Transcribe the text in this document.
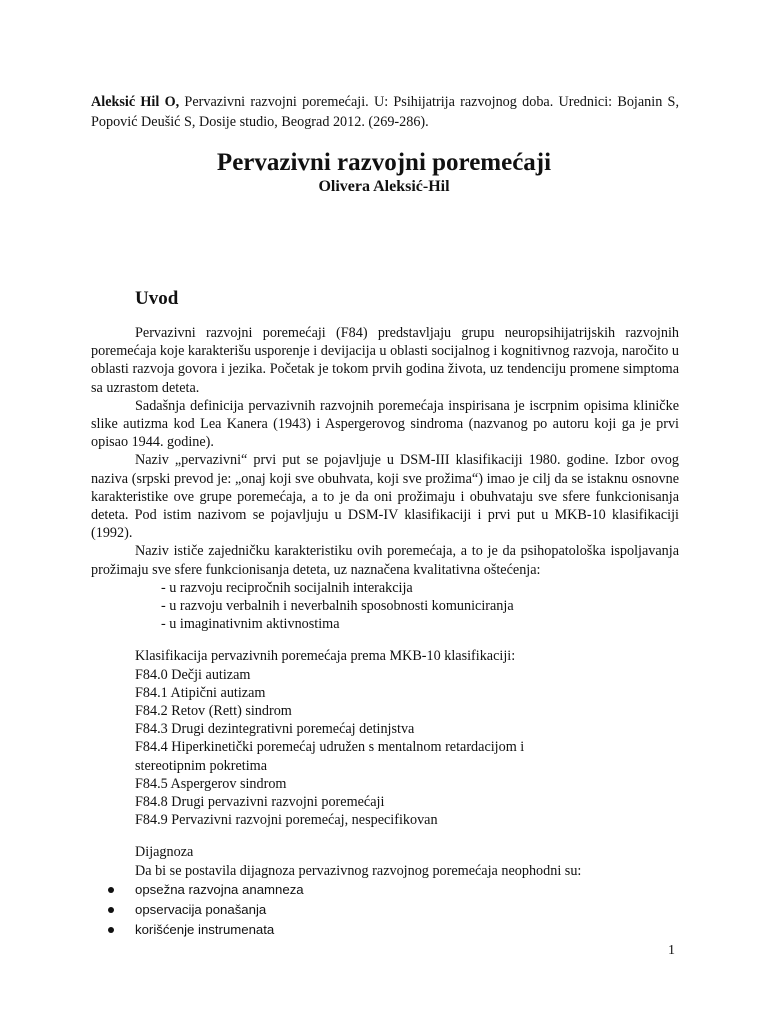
Aleksić Hil O, Pervazivni razvojni poremećaji. U: Psihijatrija razvojnog doba. Urednici: Bojanin S, Popović Deušić S, Dosije studio, Beograd 2012. (269-286).
Pervazivni razvojni poremećaji
Olivera Aleksić-Hil
Uvod

Pervazivni razvojni poremećaji (F84) predstavljaju grupu neuropsihijatrijskih razvojnih poremećaja koje karakterišu usporenje i devijacija u oblasti socijalnog i kognitivnog razvoja, naročito u oblasti razvoja govora i jezika. Početak je tokom prvih godina života, uz tendenciju promene simptoma sa uzrastom deteta.

Sadašnja definicija pervazivnih razvojnih poremećaja inspirisana je iscrpnim opisima kliničke slike autizma kod Lea Kanera (1943) i Aspergerovog sindroma (nazvanog po autoru koji ga je prvi opisao 1944. godine).

Naziv „pervazivni“ prvi put se pojavljuje u DSM-III klasifikaciji 1980. godine. Izbor ovog naziva (srpski prevod je: „onaj koji sve obuhvata, koji sve prožima“) imao je cilj da se istaknu osnovne karakteristike ove grupe poremećaja, a to je da oni prožimaju i obuhvataju sve sfere funkcionisanja deteta. Pod istim nazivom se pojavljuju u DSM-IV klasifikaciji i prvi put u MKB-10 klasifikaciji (1992).

Naziv ističe zajedničku karakteristiku ovih poremećaja, a to je da psihopatološka ispoljavanja prožimaju sve sfere funkcionisanja deteta, uz naznačena kvalitativna oštećenja:

- u razvoju recipročnih socijalnih interakcija
- u razvoju verbalnih i neverbalnih sposobnosti komuniciranja
- u imaginativnim aktivnostima
Klasifikacija pervazivnih poremećaja prema MKB-10 klasifikaciji:
F84.0 Dečji autizam
F84.1 Atipični autizam
F84.2 Retov (Rett) sindrom
F84.3 Drugi dezintegrativni poremećaj detinjstva
F84.4 Hiperkinetički poremećaj udružen s mentalnom retardacijom i stereotipnim pokretima
F84.5 Aspergerov sindrom
F84.8 Drugi pervazivni razvojni poremećaji
F84.9 Pervazivni razvojni poremećaj, nespecifikovan
Dijagnoza
Da bi se postavila dijagnoza pervazivnog razvojnog poremećaja neophodni su:
opsežna razvojna anamneza
opservacija ponašanja
korišćenje instrumenata
1
